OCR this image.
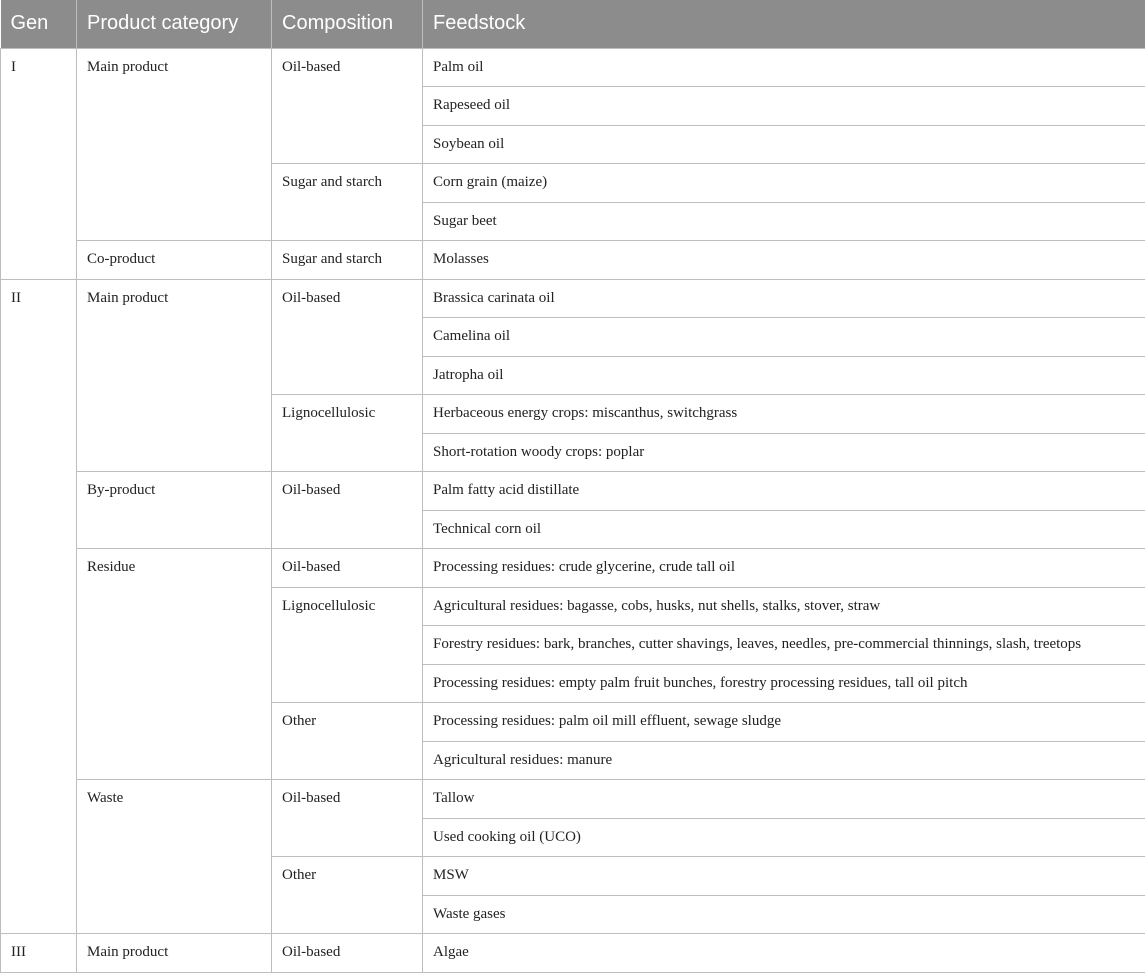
Gen	Product category	Composition	Feedstock
I	Main product	Oil-based	Palm oil
			Rapeseed oil
			Soybean oil
		Sugar and starch	Corn grain (maize)
			Sugar beet
	Co-product	Sugar and starch	Molasses
II	Main product	Oil-based	Brassica carinata oil
			Camelina oil
			Jatropha oil
		Lignocellulosic	Herbaceous energy crops: miscanthus, switchgrass
			Short-rotation woody crops: poplar
	By-product	Oil-based	Palm fatty acid distillate
			Technical corn oil
	Residue	Oil-based	Processing residues: crude glycerine, crude tall oil
		Lignocellulosic	Agricultural residues: bagasse, cobs, husks, nut shells, stalks, stover, straw
			Forestry residues: bark, branches, cutter shavings, leaves, needles, pre-commercial thinnings, slash, treetops
			Processing residues: empty palm fruit bunches, forestry processing residues, tall oil pitch
		Other	Processing residues: palm oil mill effluent, sewage sludge
			Agricultural residues: manure
	Waste	Oil-based	Tallow
			Used cooking oil (UCO)
		Other	MSW
			Waste gases
III	Main product	Oil-based	Algae
